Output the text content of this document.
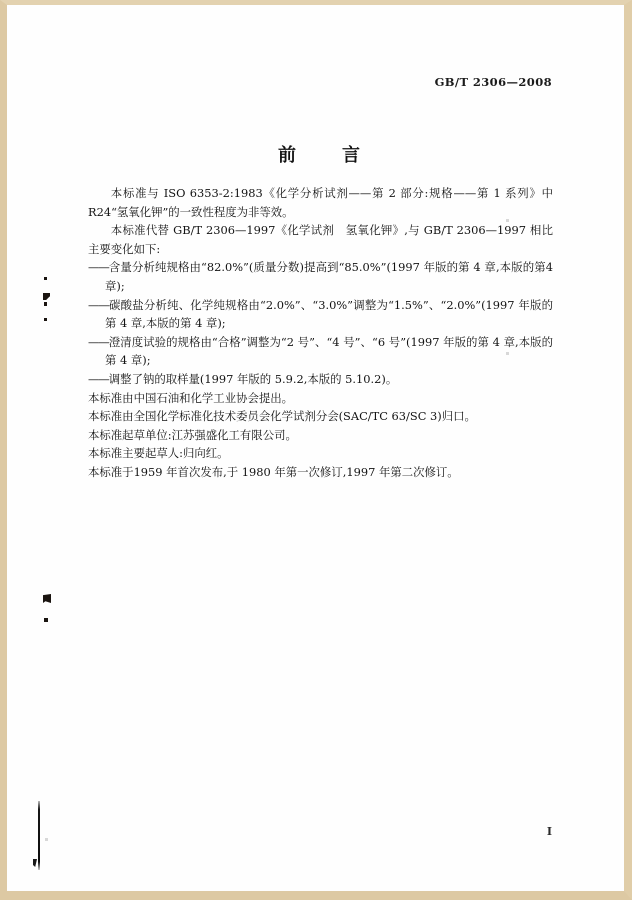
GB/T 2306—2008
前　言

本标准与 ISO 6353-2:1983《化学分析试剂——第 2 部分:规格——第 1 系列》中 R24“氢氧化钾”的一致性程度为非等效。

本标准代替 GB/T 2306—1997《化学试剂　氢氧化钾》,与 GB/T 2306—1997 相比主要变化如下:

——含量分析纯规格由“82.0%”(质量分数)提高到“85.0%”(1997 年版的第 4 章,本版的第4 章);

——碳酸盐分析纯、化学纯规格由“2.0%”、“3.0%”调整为“1.5%”、“2.0%”(1997 年版的第 4 章,本版的第 4 章);

——澄清度试验的规格由“合格”调整为“2 号”、“4 号”、“6 号”(1997 年版的第 4 章,本版的第 4 章);

——调整了钠的取样量(1997 年版的 5.9.2,本版的 5.10.2)。

本标准由中国石油和化学工业协会提出。

本标准由全国化学标准化技术委员会化学试剂分会(SAC/TC 63/SC 3)归口。

本标准起草单位:江苏强盛化工有限公司。

本标准主要起草人:归向红。

本标准于1959 年首次发布,于 1980 年第一次修订,1997 年第二次修订。

I
